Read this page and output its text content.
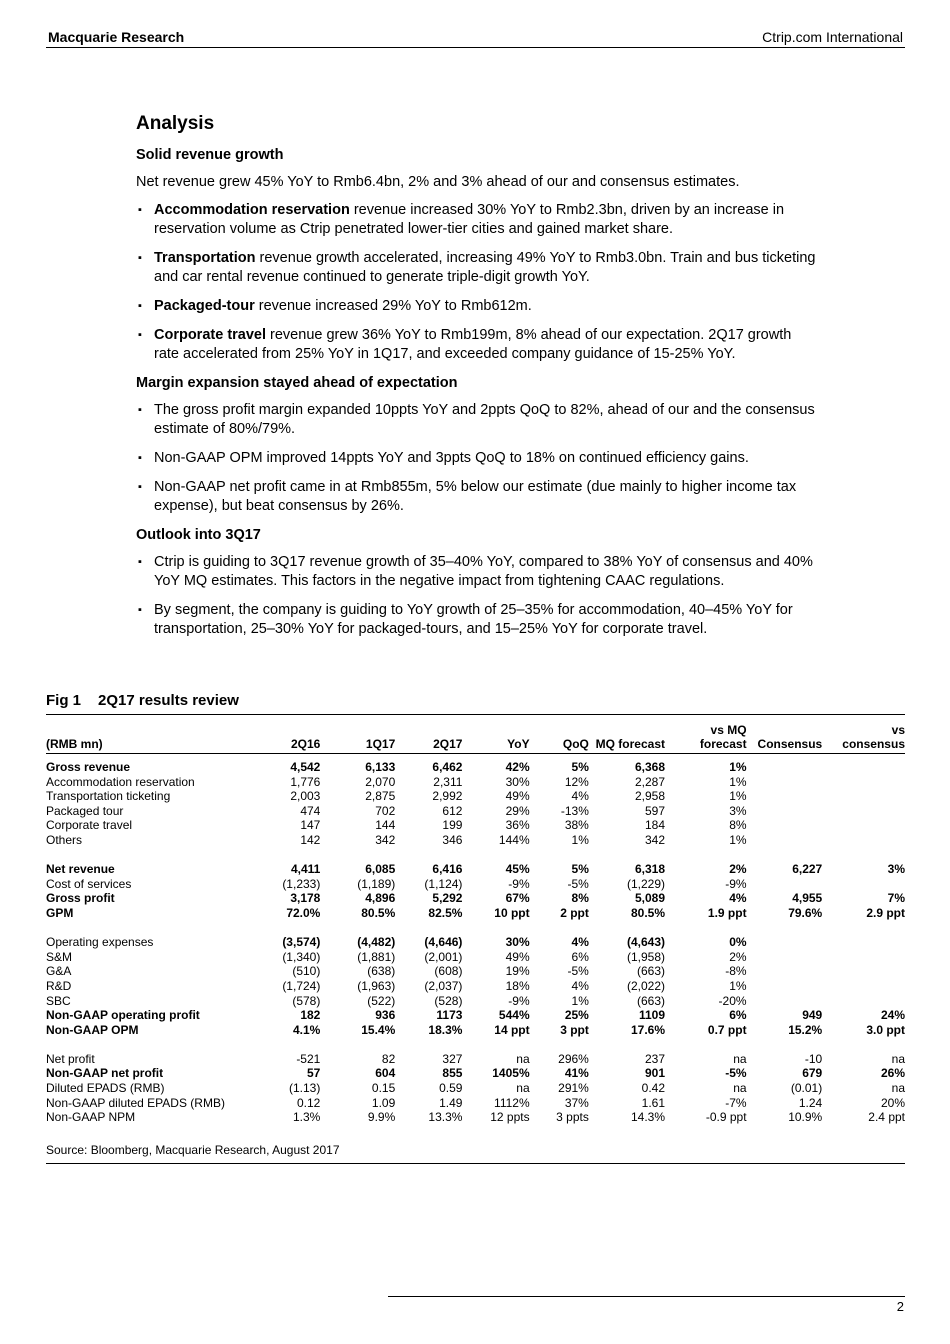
Macquarie Research	Ctrip.com International
Analysis
Solid revenue growth

Net revenue grew 45% YoY to Rmb6.4bn, 2% and 3% ahead of our and consensus estimates.

▪ Accommodation reservation revenue increased 30% YoY to Rmb2.3bn, driven by an increase in reservation volume as Ctrip penetrated lower-tier cities and gained market share.
▪ Transportation revenue growth accelerated, increasing 49% YoY to Rmb3.0bn. Train and bus ticketing and car rental revenue continued to generate triple-digit growth YoY.
▪ Packaged-tour revenue increased 29% YoY to Rmb612m.
▪ Corporate travel revenue grew 36% YoY to Rmb199m, 8% ahead of our expectation. 2Q17 growth rate accelerated from 25% YoY in 1Q17, and exceeded company guidance of 15-25% YoY.
Margin expansion stayed ahead of expectation
▪ The gross profit margin expanded 10ppts YoY and 2ppts QoQ to 82%, ahead of our and the consensus estimate of 80%/79%.
▪ Non-GAAP OPM improved 14ppts YoY and 3ppts QoQ to 18% on continued efficiency gains.
▪ Non-GAAP net profit came in at Rmb855m, 5% below our estimate (due mainly to higher income tax expense), but beat consensus by 26%.
Outlook into 3Q17
▪ Ctrip is guiding to 3Q17 revenue growth of 35–40% YoY, compared to 38% YoY of consensus and 40% YoY MQ estimates. This factors in the negative impact from tightening CAAC regulations.
▪ By segment, the company is guiding to YoY growth of 25–35% for accommodation, 40–45% YoY for transportation, 25–30% YoY for packaged-tours, and 15–25% YoY for corporate travel.
Fig 1 2Q17 results review
(RMB mn)	2Q16	1Q17	2Q17	YoY	QoQ	MQ forecast	vs MQ forecast	Consensus	vs consensus
Gross revenue	4,542	6,133	6,462	42%	5%	6,368	1%		
Accommodation reservation	1,776	2,070	2,311	30%	12%	2,287	1%		
Transportation ticketing	2,003	2,875	2,992	49%	4%	2,958	1%		
Packaged tour	474	702	612	29%	-13%	597	3%		
Corporate travel	147	144	199	36%	38%	184	8%		
Others	142	342	346	144%	1%	342	1%		
Net revenue	4,411	6,085	6,416	45%	5%	6,318	2%	6,227	3%
Cost of services	(1,233)	(1,189)	(1,124)	-9%	-5%	(1,229)	-9%		
Gross profit	3,178	4,896	5,292	67%	8%	5,089	4%	4,955	7%
GPM	72.0%	80.5%	82.5%	10 ppt	2 ppt	80.5%	1.9 ppt	79.6%	2.9 ppt
Operating expenses	(3,574)	(4,482)	(4,646)	30%	4%	(4,643)	0%		
S&M	(1,340)	(1,881)	(2,001)	49%	6%	(1,958)	2%		
G&A	(510)	(638)	(608)	19%	-5%	(663)	-8%		
R&D	(1,724)	(1,963)	(2,037)	18%	4%	(2,022)	1%		
SBC	(578)	(522)	(528)	-9%	1%	(663)	-20%		
Non-GAAP operating profit	182	936	1173	544%	25%	1109	6%	949	24%
Non-GAAP OPM	4.1%	15.4%	18.3%	14 ppt	3 ppt	17.6%	0.7 ppt	15.2%	3.0 ppt
Net profit	-521	82	327	na	296%	237	na	-10	na
Non-GAAP net profit	57	604	855	1405%	41%	901	-5%	679	26%
Diluted EPADS (RMB)	(1.13)	0.15	0.59	na	291%	0.42	na	(0.01)	na
Non-GAAP diluted EPADS (RMB)	0.12	1.09	1.49	1112%	37%	1.61	-7%	1.24	20%
Non-GAAP NPM	1.3%	9.9%	13.3%	12 ppts	3 ppts	14.3%	-0.9 ppt	10.9%	2.4 ppt
Source: Bloomberg, Macquarie Research, August 2017
2
